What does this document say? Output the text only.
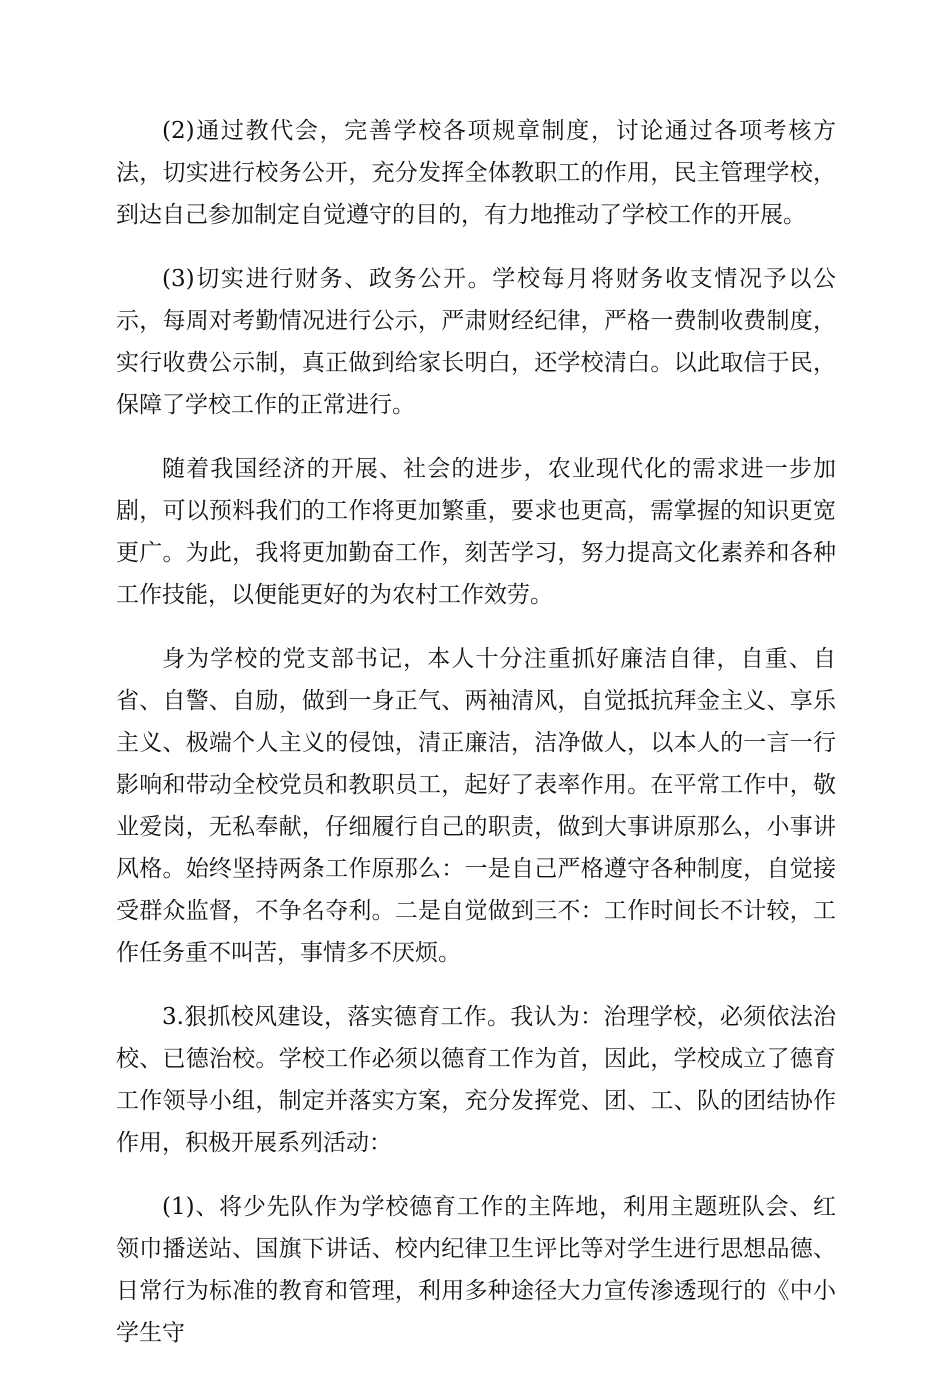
(2)通过教代会，完善学校各项规章制度，讨论通过各项考核方法，切实进行校务公开，充分发挥全体教职工的作用，民主管理学校，到达自己参加制定自觉遵守的目的，有力地推动了学校工作的开展。

(3)切实进行财务、政务公开。学校每月将财务收支情况予以公示，每周对考勤情况进行公示，严肃财经纪律，严格一费制收费制度，实行收费公示制，真正做到给家长明白，还学校清白。以此取信于民，保障了学校工作的正常进行。

随着我国经济的开展、社会的进步，农业现代化的需求进一步加剧，可以预料我们的工作将更加繁重，要求也更高，需掌握的知识更宽更广。为此，我将更加勤奋工作，刻苦学习，努力提高文化素养和各种工作技能，以便能更好的为农村工作效劳。

身为学校的党支部书记，本人十分注重抓好廉洁自律，自重、自省、自警、自励，做到一身正气、两袖清风，自觉抵抗拜金主义、享乐主义、极端个人主义的侵蚀，清正廉洁，洁净做人，以本人的一言一行影响和带动全校党员和教职员工，起好了表率作用。在平常工作中，敬业爱岗，无私奉献，仔细履行自己的职责，做到大事讲原那么，小事讲风格。始终坚持两条工作原那么：一是自己严格遵守各种制度，自觉接受群众监督，不争名夺利。二是自觉做到三不：工作时间长不计较，工作任务重不叫苦，事情多不厌烦。

3.狠抓校风建设，落实德育工作。我认为：治理学校，必须依法治校、已德治校。学校工作必须以德育工作为首，因此，学校成立了德育工作领导小组，制定并落实方案，充分发挥党、团、工、队的团结协作作用，积极开展系列活动：

(1)、将少先队作为学校德育工作的主阵地，利用主题班队会、红领巾播送站、国旗下讲话、校内纪律卫生评比等对学生进行思想品德、日常行为标准的教育和管理，利用多种途径大力宣传渗透现行的《中小学生守
